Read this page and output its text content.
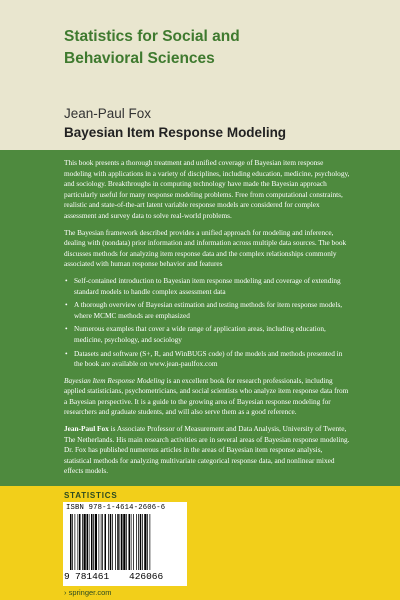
Statistics for Social and
Behavioral Sciences
Jean-Paul Fox
Bayesian Item Response Modeling

This book presents a thorough treatment and unified coverage of Bayesian item response modeling with applications in a variety of disciplines, including education, medicine, psychology, and sociology. Breakthroughs in computing technology have made the Bayesian approach particularly useful for many response modeling problems. Free from computational constraints, realistic and state-of-the-art latent variable response models are considered for complex assessment and survey data to solve real-world problems.

The Bayesian framework described provides a unified approach for modeling and inference, dealing with (nondata) prior information and information across multiple data sources. The book discusses methods for analyzing item response data and the complex relationships commonly associated with human response behavior and features

• Self-contained introduction to Bayesian item response modeling and coverage of extending standard models to handle complex assessment data
• A thorough overview of Bayesian estimation and testing methods for item response models, where MCMC methods are emphasized
• Numerous examples that cover a wide range of application areas, including education, medicine, psychology, and sociology
• Datasets and software (S+, R, and WinBUGS code) of the models and methods presented in the book are available on www.jean-paulfox.com

Bayesian Item Response Modeling is an excellent book for research professionals, including applied statisticians, psychometricians, and social scientists who analyze item response data from a Bayesian perspective. It is a guide to the growing area of Bayesian response modeling for researchers and graduate students, and will also serve them as a good reference.

Jean-Paul Fox is Associate Professor of Measurement and Data Analysis, University of Twente, The Netherlands. His main research activities are in several areas of Bayesian response modeling. Dr. Fox has published numerous articles in the areas of Bayesian item response analysis, statistical methods for analyzing multivariate categorical response data, and nonlinear mixed effects models.

STATISTICS
ISBN 978-1-4614-2606-6
9 781461 426066
› springer.com
